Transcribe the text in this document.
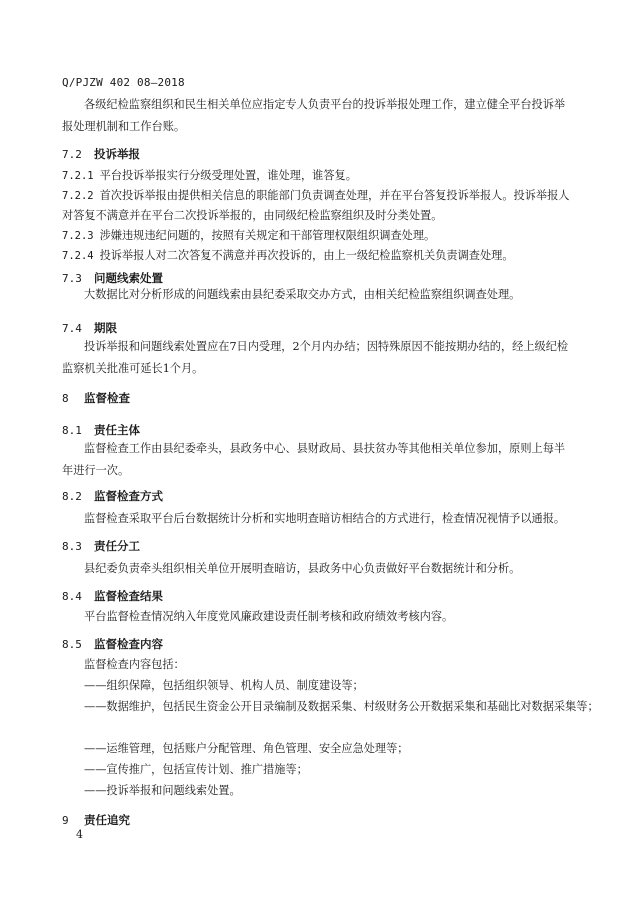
Q/PJZW 402 08—2018
各级纪检监察组织和民生相关单位应指定专人负责平台的投诉举报处理工作，建立健全平台投诉举报处理机制和工作台账。
7.2 投诉举报
7.2.1 平台投诉举报实行分级受理处置，谁处理，谁答复。
7.2.2 首次投诉举报由提供相关信息的职能部门负责调查处理，并在平台答复投诉举报人。投诉举报人对答复不满意并在平台二次投诉举报的，由同级纪检监察组织及时分类处置。
7.2.3 涉嫌违规违纪问题的，按照有关规定和干部管理权限组织调查处理。
7.2.4 投诉举报人对二次答复不满意并再次投诉的，由上一级纪检监察机关负责调查处理。
7.3 问题线索处置
大数据比对分析形成的问题线索由县纪委采取交办方式，由相关纪检监察组织调查处理。
7.4 期限
投诉举报和问题线索处置应在7日内受理，2个月内办结；因特殊原因不能按期办结的，经上级纪检监察机关批准可延长1个月。
8 监督检查
8.1 责任主体
监督检查工作由县纪委牵头，县政务中心、县财政局、县扶贫办等其他相关单位参加，原则上每半年进行一次。
8.2 监督检查方式
监督检查采取平台后台数据统计分析和实地明查暗访相结合的方式进行，检查情况视情予以通报。
8.3 责任分工
县纪委负责牵头组织相关单位开展明查暗访，县政务中心负责做好平台数据统计和分析。
8.4 监督检查结果
平台监督检查情况纳入年度党风廉政建设责任制考核和政府绩效考核内容。
8.5 监督检查内容
监督检查内容包括：
——组织保障，包括组织领导、机构人员、制度建设等；
——数据维护，包括民生资金公开目录编制及数据采集、村级财务公开数据采集和基础比对数据采集等；
——运维管理，包括账户分配管理、角色管理、安全应急处理等；
——宣传推广，包括宣传计划、推广措施等；
——投诉举报和问题线索处置。
9 责任追究
4
